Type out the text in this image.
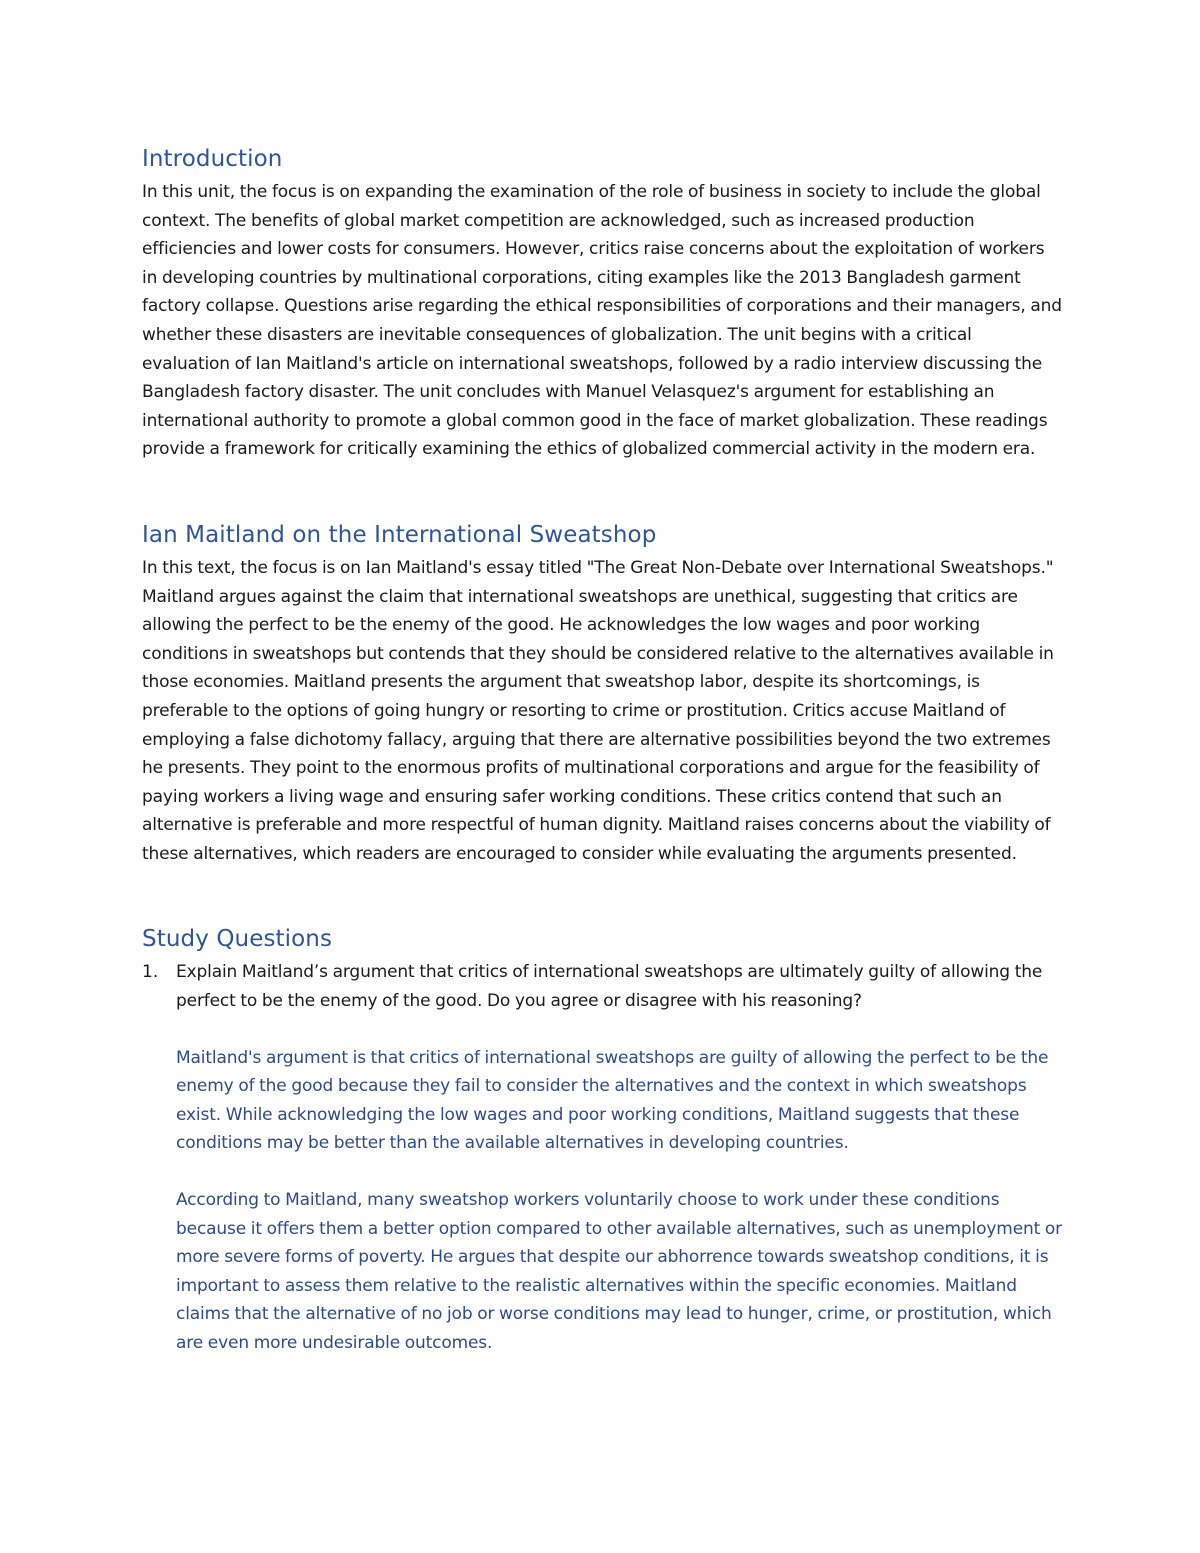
Introduction

In this unit, the focus is on expanding the examination of the role of business in society to include the global context. The benefits of global market competition are acknowledged, such as increased production efficiencies and lower costs for consumers. However, critics raise concerns about the exploitation of workers in developing countries by multinational corporations, citing examples like the 2013 Bangladesh garment factory collapse. Questions arise regarding the ethical responsibilities of corporations and their managers, and whether these disasters are inevitable consequences of globalization. The unit begins with a critical evaluation of Ian Maitland's article on international sweatshops, followed by a radio interview discussing the Bangladesh factory disaster. The unit concludes with Manuel Velasquez's argument for establishing an international authority to promote a global common good in the face of market globalization. These readings provide a framework for critically examining the ethics of globalized commercial activity in the modern era.

Ian Maitland on the International Sweatshop

In this text, the focus is on Ian Maitland's essay titled "The Great Non-Debate over International Sweatshops." Maitland argues against the claim that international sweatshops are unethical, suggesting that critics are allowing the perfect to be the enemy of the good. He acknowledges the low wages and poor working conditions in sweatshops but contends that they should be considered relative to the alternatives available in those economies. Maitland presents the argument that sweatshop labor, despite its shortcomings, is preferable to the options of going hungry or resorting to crime or prostitution. Critics accuse Maitland of employing a false dichotomy fallacy, arguing that there are alternative possibilities beyond the two extremes he presents. They point to the enormous profits of multinational corporations and argue for the feasibility of paying workers a living wage and ensuring safer working conditions. These critics contend that such an alternative is preferable and more respectful of human dignity. Maitland raises concerns about the viability of these alternatives, which readers are encouraged to consider while evaluating the arguments presented.

Study Questions
1. Explain Maitland’s argument that critics of international sweatshops are ultimately guilty of allowing the perfect to be the enemy of the good. Do you agree or disagree with his reasoning?

Maitland's argument is that critics of international sweatshops are guilty of allowing the perfect to be the enemy of the good because they fail to consider the alternatives and the context in which sweatshops exist. While acknowledging the low wages and poor working conditions, Maitland suggests that these conditions may be better than the available alternatives in developing countries.

According to Maitland, many sweatshop workers voluntarily choose to work under these conditions because it offers them a better option compared to other available alternatives, such as unemployment or more severe forms of poverty. He argues that despite our abhorrence towards sweatshop conditions, it is important to assess them relative to the realistic alternatives within the specific economies. Maitland claims that the alternative of no job or worse conditions may lead to hunger, crime, or prostitution, which are even more undesirable outcomes.
